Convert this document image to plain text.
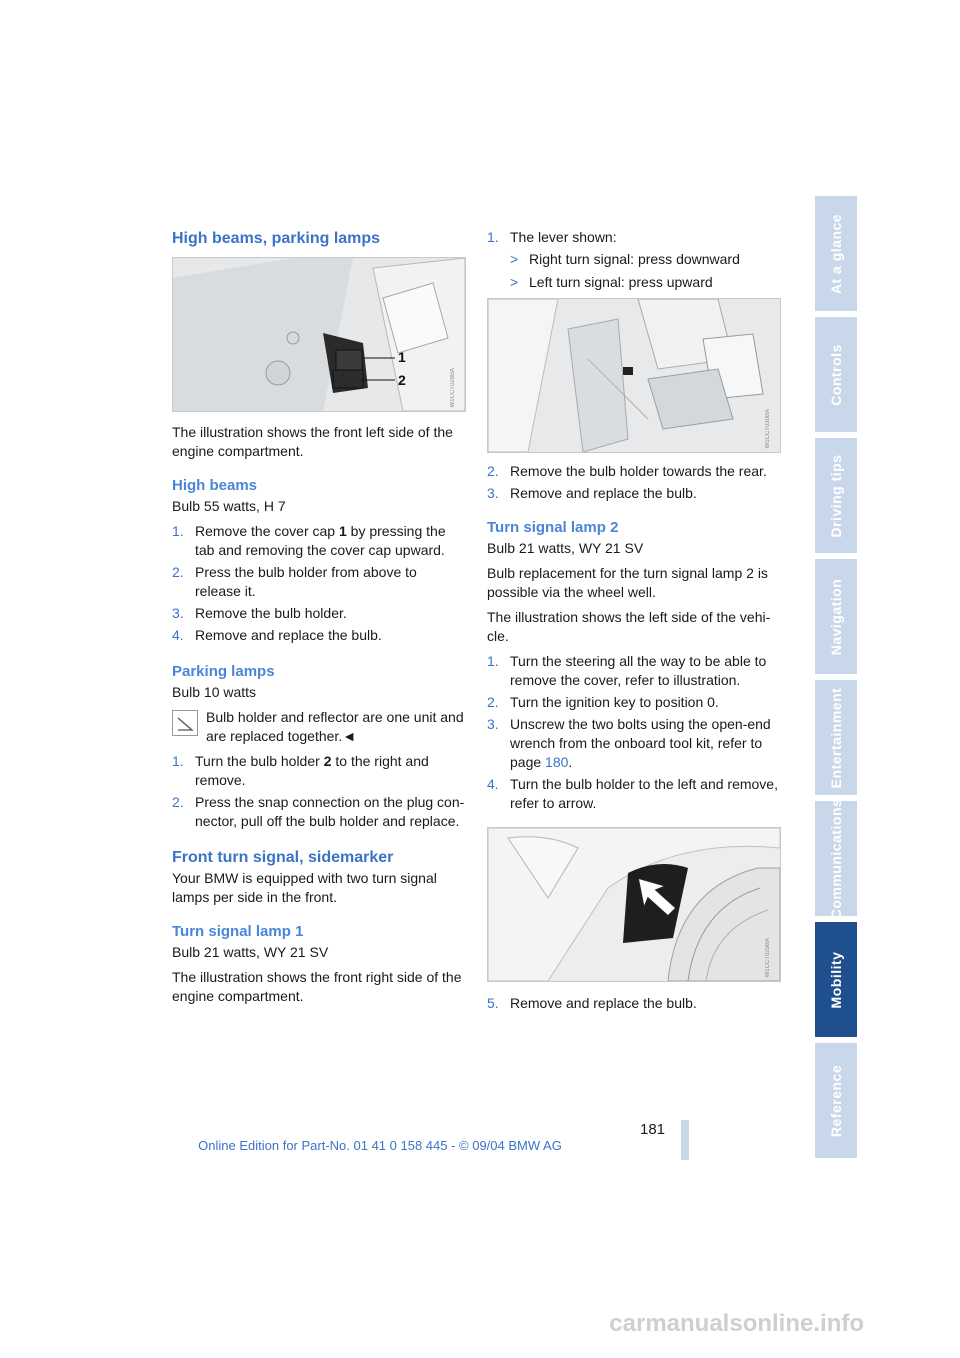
High beams, parking lamps
1
2	W1CCT028BA

The illustration shows the front left side of the engine compartment.

High beams

Bulb 55 watts, H 7

1. Remove the cover cap 1 by pressing the tab and removing the cover cap upward.
2. Press the bulb holder from above to release it.
3. Remove the bulb holder.
4. Remove and replace the bulb.
Parking lamps

Bulb 10 watts

Bulb holder and reflector are one unit and are replaced together.◄
1. Turn the bulb holder 2 to the right and remove.
2. Press the snap connection on the plug con-nector, pull off the bulb holder and replace.
Front turn signal, sidemarker

Your BMW is equipped with two turn signal lamps per side in the front.

Turn signal lamp 1

Bulb 21 watts, WY 21 SV

The illustration shows the front right side of the engine compartment.

1. The lever shown:
> Right turn signal: press downward
> Left turn signal: press upward
W1CCT030BA
2. Remove the bulb holder towards the rear.
3. Remove and replace the bulb.
Turn signal lamp 2

Bulb 21 watts, WY 21 SV

Bulb replacement for the turn signal lamp 2 is possible via the wheel well.

The illustration shows the left side of the vehi-cle.

1. Turn the steering all the way to be able to remove the cover, refer to illustration.
2. Turn the ignition key to position 0.
3. Unscrew the two bolts using the open-end wrench from the onboard tool kit, refer to page 180.
4. Turn the bulb holder to the left and remove, refer to arrow.
W1CCT029BA
5. Remove and replace the bulb.
At a glance
Controls
Driving tips
Navigation
Entertainment
Communications
Mobility
Reference
181
Online Edition for Part-No. 01 41 0 158 445 - © 09/04 BMW AG
carmanualsonline.info
